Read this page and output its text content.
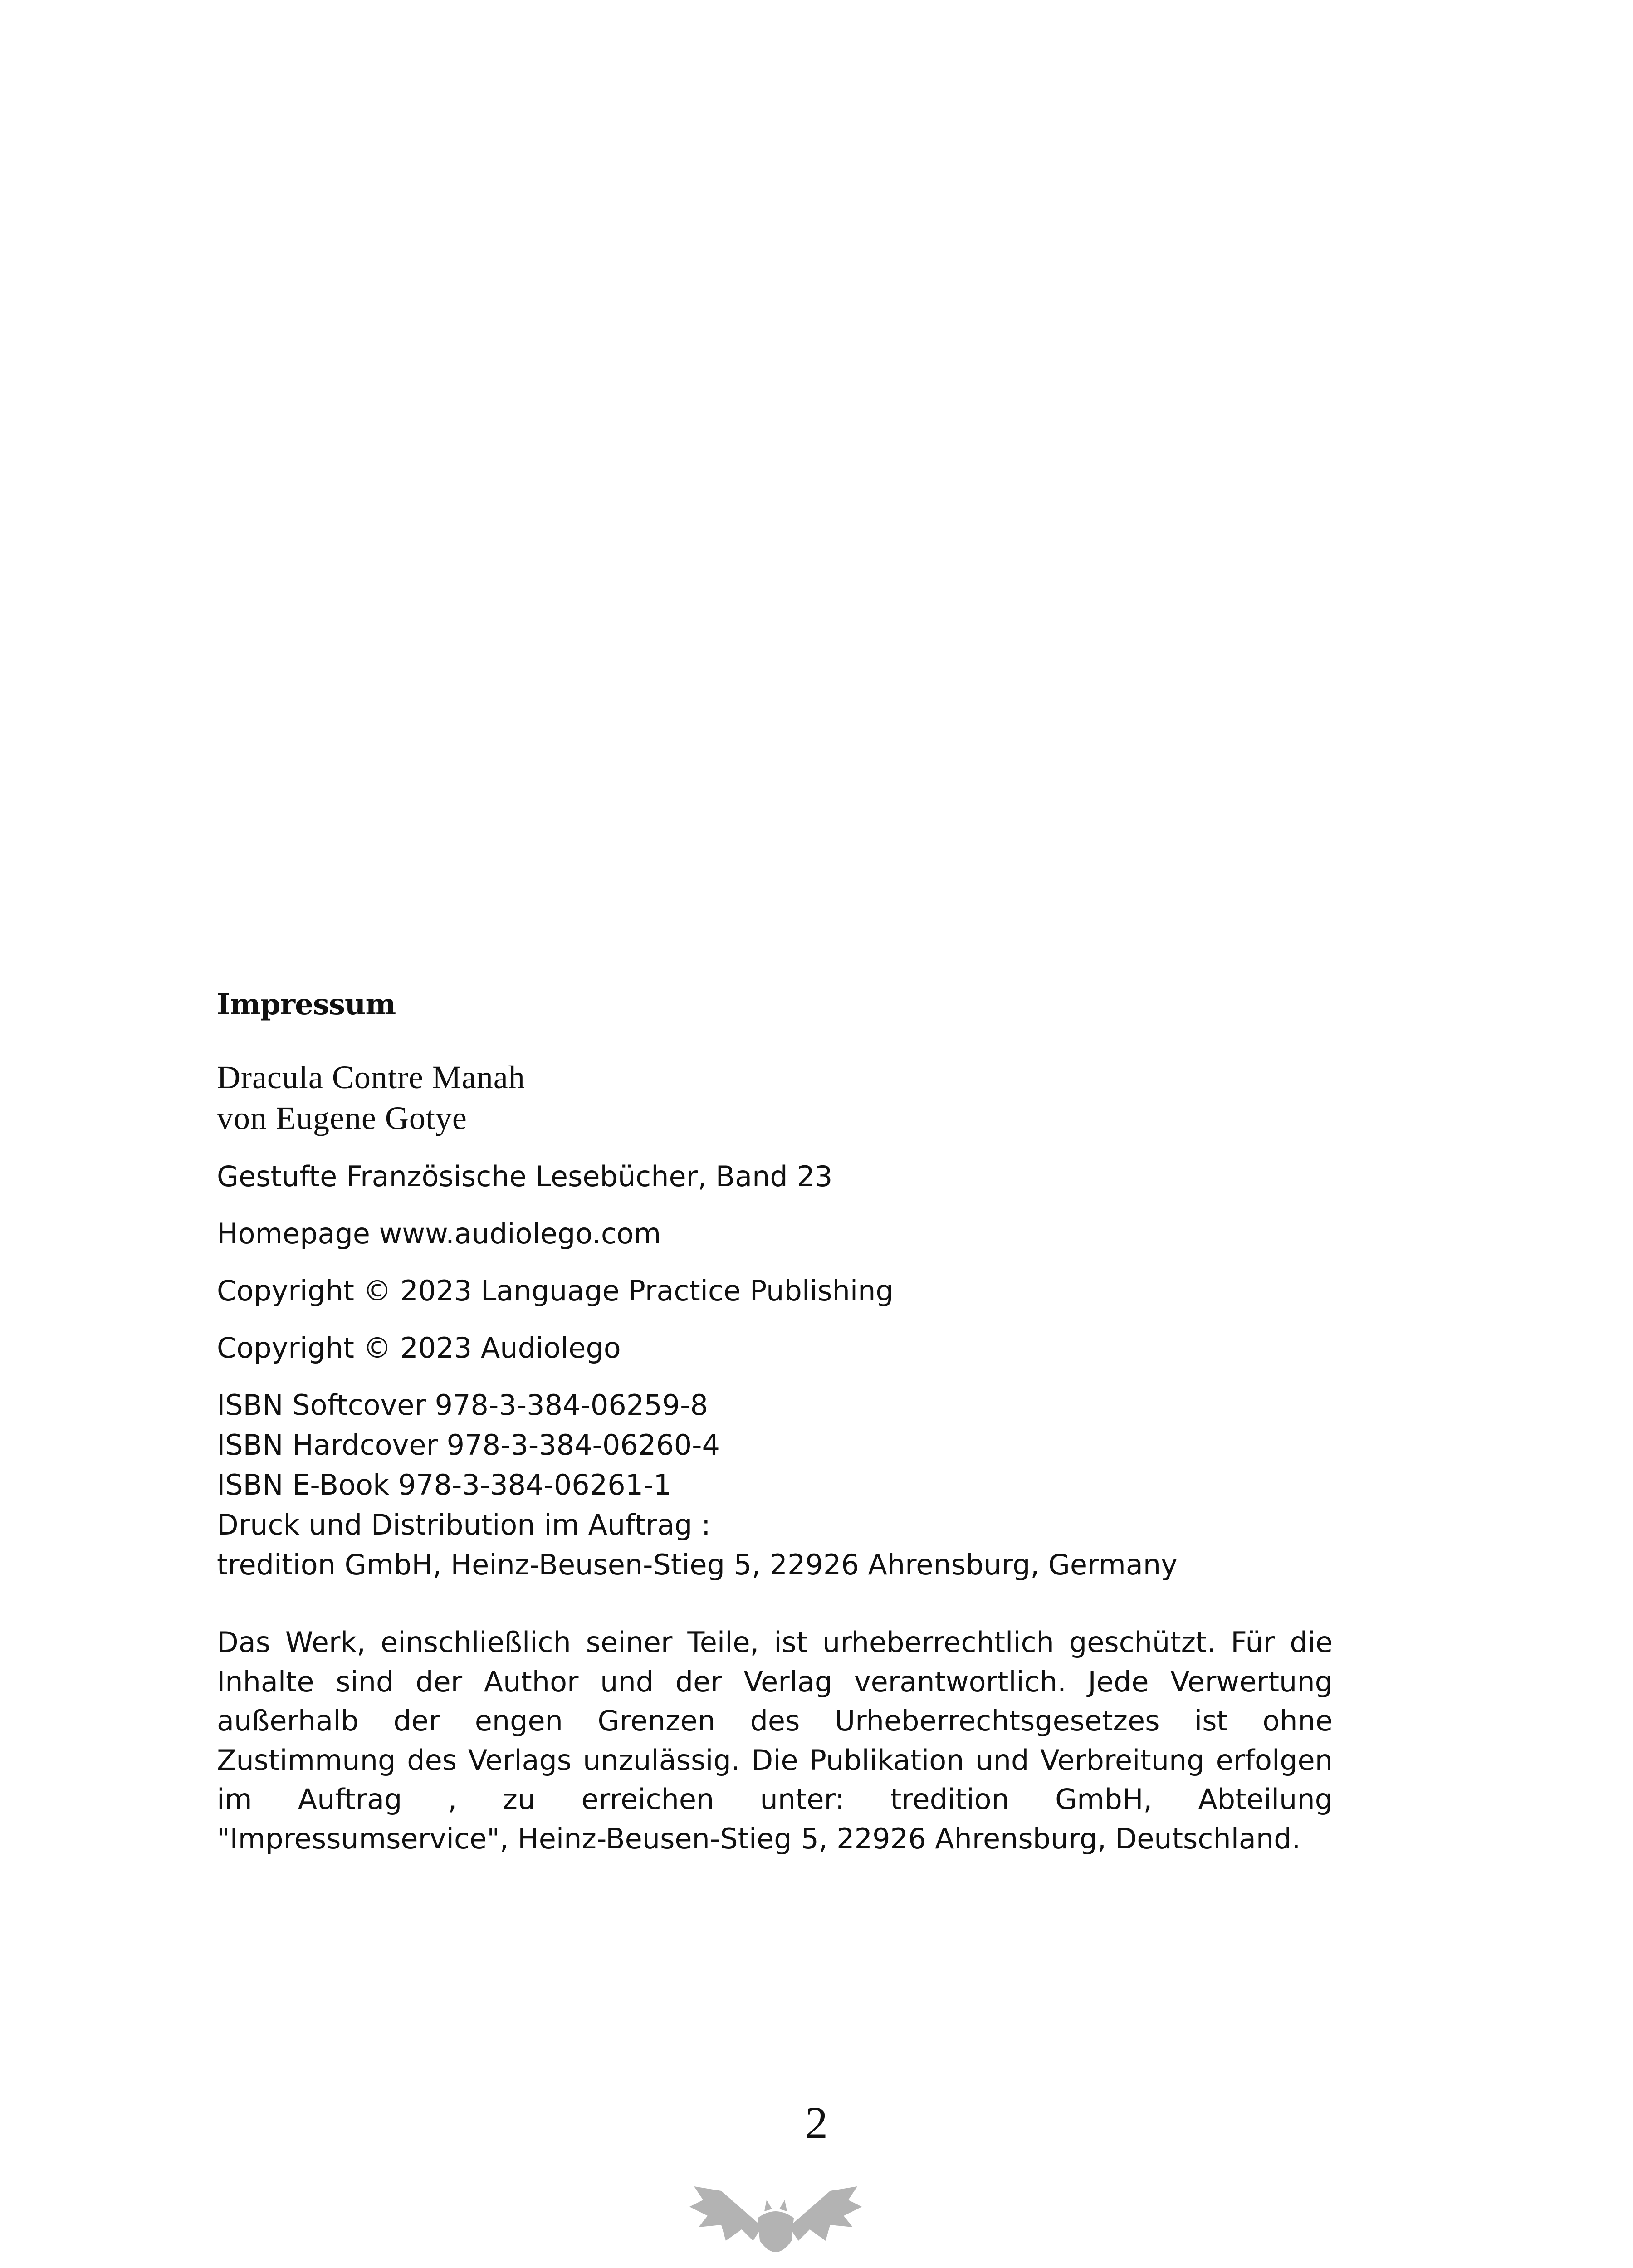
Impressum
Dracula Contre Manah
von Eugene Gotye
Gestufte Französische Lesebücher, Band 23
Homepage www.audiolego.com
Copyright © 2023 Language Practice Publishing
Copyright © 2023 Audiolego
ISBN Softcover 978-3-384-06259-8
ISBN Hardcover 978-3-384-06260-4
ISBN E-Book 978-3-384-06261-1
Druck und Distribution im Auftrag :
tredition GmbH, Heinz-Beusen-Stieg 5, 22926 Ahrensburg, Germany

Das Werk, einschließlich seiner Teile, ist urheberrechtlich geschützt. Für die Inhalte sind der Author und der Verlag verantwortlich. Jede Verwertung außerhalb der engen Grenzen des Urheberrechtsgesetzes ist ohne Zustimmung des Verlags unzulässig. Die Publikation und Verbreitung erfolgen im Auftrag , zu erreichen unter: tredition GmbH, Abteilung "Impressumservice", Heinz-Beusen-Stieg 5, 22926 Ahrensburg, Deutschland.

2
